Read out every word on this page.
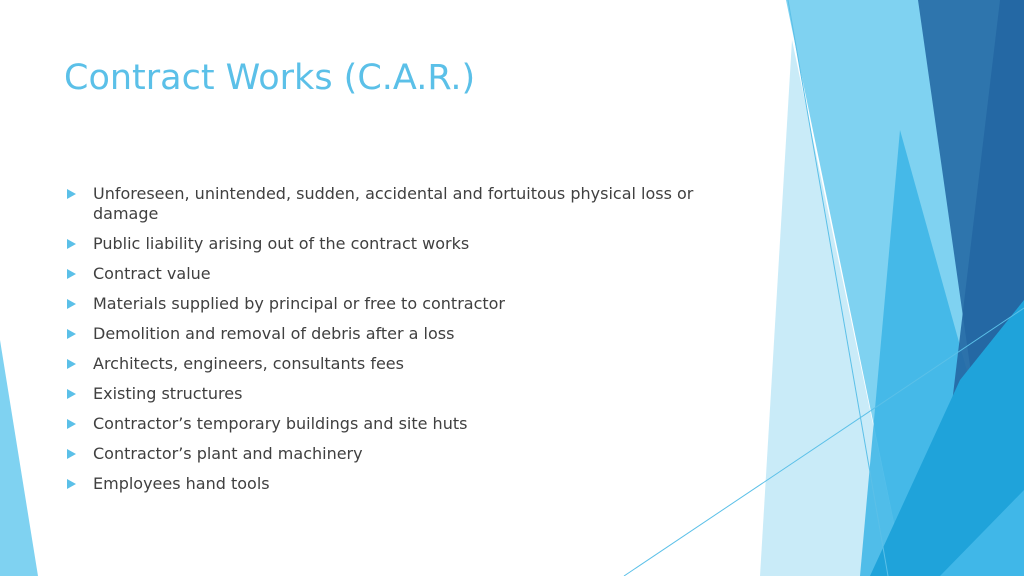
Contract Works (C.A.R.)
Unforeseen, unintended, sudden, accidental and fortuitous physical loss or damage
Public liability arising out of the contract works
Contract value
Materials supplied by principal or free to contractor
Demolition and removal of debris after a loss
Architects, engineers, consultants fees
Existing structures
Contractor’s temporary buildings and site huts
Contractor’s plant and machinery
Employees hand tools
